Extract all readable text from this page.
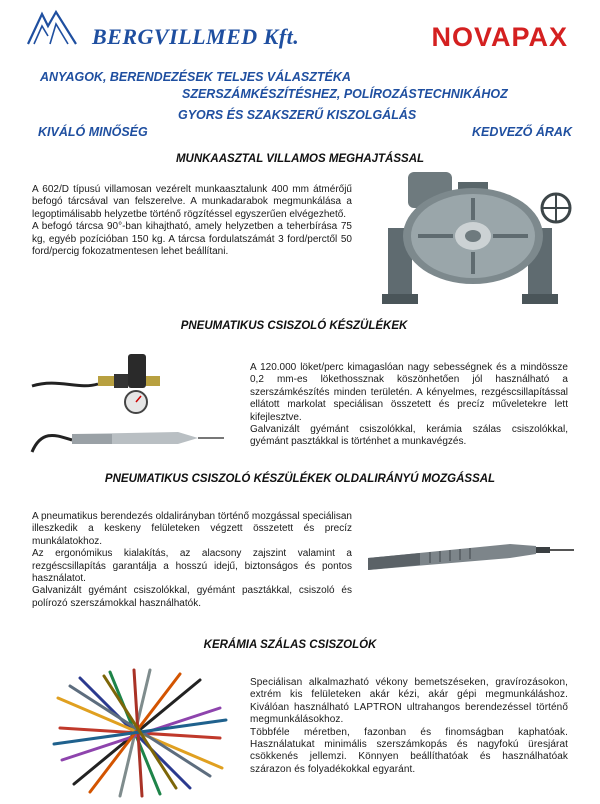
BERGVILLMED Kft.	NOVAPAX
ANYAGOK, BERENDEZÉSEK TELJES VÁLASZTÉKA
SZERSZÁMKÉSZÍTÉSHEZ, POLÍROZÁSTECHNIKÁHOZ
GYORS ÉS SZAKSZERŰ KISZOLGÁLÁS
KIVÁLÓ MINŐSÉG	KEDVEZŐ ÁRAK
MUNKAASZTAL VILLAMOS MEGHAJTÁSSAL

A 602/D típusú villamosan vezérelt munkaasztalunk 400 mm átmérőjű befogó tárcsával van felszerelve. A munkadarabok megmunkálása a legoptimálisabb helyzetbe történő rögzítéssel egyszerűen elvégezhető.

A befogó tárcsa 90°-ban kihajtható, amely helyzetben a teherbírása 75 kg, egyéb pozícióban 150 kg. A tárcsa fordulatszámát 3 ford/perctől 50 ford/percig fokozatmentesen lehet beállítani.

PNEUMATIKUS CSISZOLÓ KÉSZÜLÉKEK

A 120.000 löket/perc kimagaslóan nagy sebességnek és a mindössze 0,2 mm-es lökethossznak köszönhetően jól használható a szerszámkészítés minden területén. A kényelmes, rezgéscsillapítással ellátott markolat speciálisan összetett és precíz műveletekre lett kifejlesztve.

Galvanizált gyémánt csiszolókkal, kerámia szálas csiszolókkal, gyémánt pasztákkal is történhet a munkavégzés.

PNEUMATIKUS CSISZOLÓ KÉSZÜLÉKEK OLDALIRÁNYÚ MOZGÁSSAL

A pneumatikus berendezés oldalirányban történő mozgással speciálisan illeszkedik a keskeny felületeken végzett összetett és precíz munkálatokhoz.

Az ergonómikus kialakítás, az alacsony zajszint valamint a rezgéscsillapítás garantálja a hosszú idejű, biztonságos és pontos használatot.

Galvanizált gyémánt csiszolókkal, gyémánt pasztákkal, csiszoló és polírozó szerszámokkal használhatók.

KERÁMIA SZÁLAS CSISZOLÓK

Speciálisan alkalmazható vékony bemetszéseken, gravírozásokon, extrém kis felületeken akár kézi, akár gépi megmunkáláshoz. Kiválóan használható LAPTRON ultrahangos berendezéssel történő megmunkálásokhoz.

Többféle méretben, fazonban és finomságban kaphatóak. Használatukat minimális szerszámkopás és nagyfokú üresjárat csökkenés jellemzi. Könnyen beállíthatóak és használhatóak szárazon és folyadékokkal egyaránt.
